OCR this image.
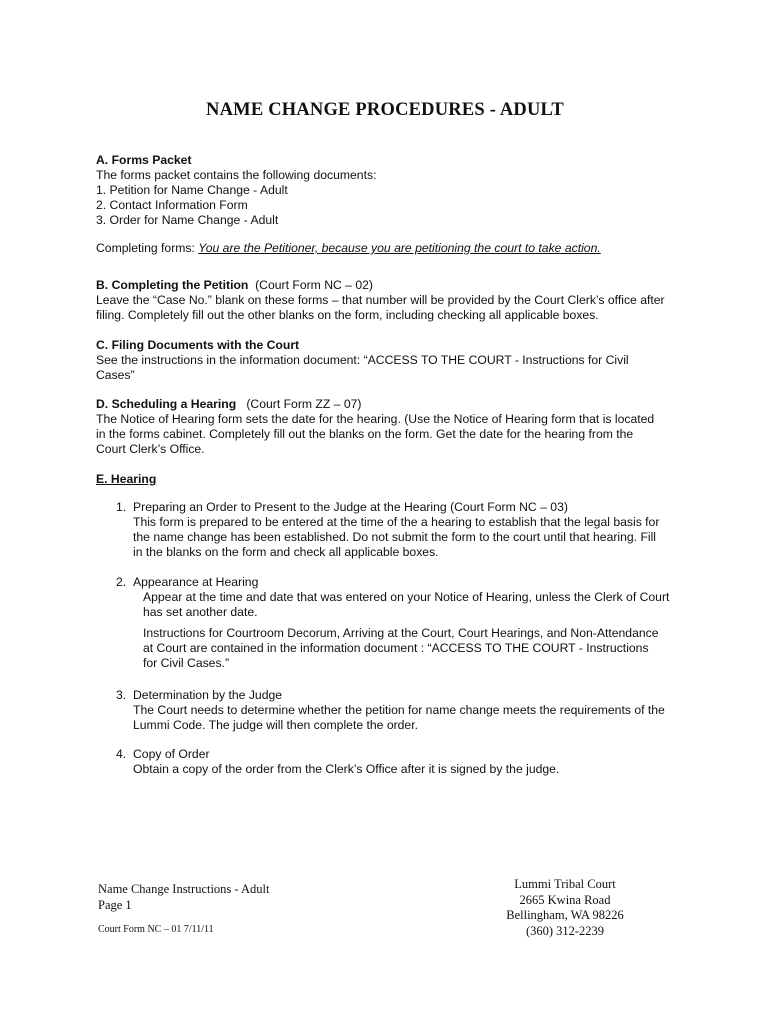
NAME CHANGE PROCEDURES - ADULT
A. Forms Packet
The forms packet contains the following documents:
1. Petition for Name Change - Adult
2. Contact Information Form
3. Order for Name Change - Adult
Completing forms: You are the Petitioner, because you are petitioning the court to take action.
B. Completing the Petition (Court Form NC – 02)
Leave the “Case No.” blank on these forms – that number will be provided by the Court Clerk’s office after
filing. Completely fill out the other blanks on the form, including checking all applicable boxes.
C. Filing Documents with the Court
See the instructions in the information document: “ACCESS TO THE COURT - Instructions for Civil
Cases”
D. Scheduling a Hearing (Court Form ZZ – 07)
The Notice of Hearing form sets the date for the hearing. (Use the Notice of Hearing form that is located
in the forms cabinet. Completely fill out the blanks on the form. Get the date for the hearing from the
Court Clerk’s Office.
E. Hearing
1. Preparing an Order to Present to the Judge at the Hearing (Court Form NC – 03)
This form is prepared to be entered at the time of the a hearing to establish that the legal basis for
the name change has been established. Do not submit the form to the court until that hearing. Fill
in the blanks on the form and check all applicable boxes.
2. Appearance at Hearing
Appear at the time and date that was entered on your Notice of Hearing, unless the Clerk of Court
has set another date.
Instructions for Courtroom Decorum, Arriving at the Court, Court Hearings, and Non-Attendance
at Court are contained in the information document : “ACCESS TO THE COURT - Instructions
for Civil Cases.”
3. Determination by the Judge
The Court needs to determine whether the petition for name change meets the requirements of the
Lummi Code. The judge will then complete the order.
4. Copy of Order
Obtain a copy of the order from the Clerk’s Office after it is signed by the judge.
Name Change Instructions - Adult
Page 1
Court Form NC – 01 7/11/11
Lummi Tribal Court
2665 Kwina Road
Bellingham, WA 98226
(360) 312-2239
